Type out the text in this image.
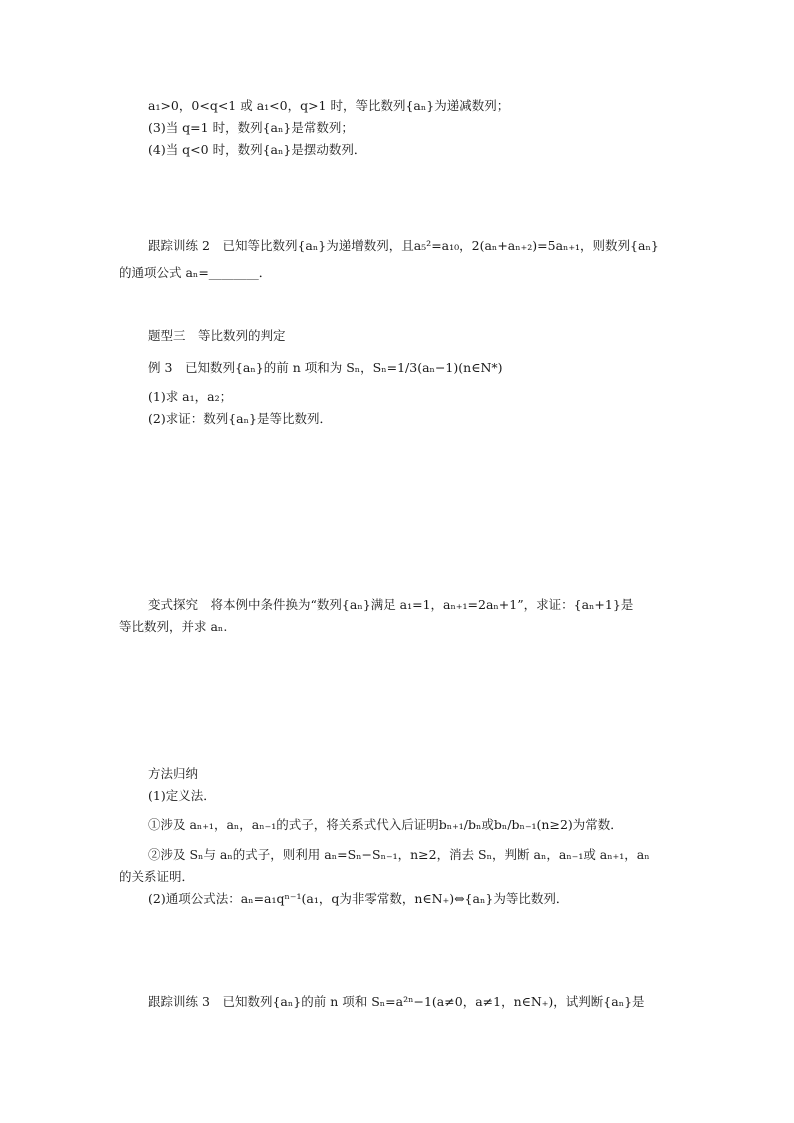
a₁>0，0<q<1 或 a₁<0，q>1 时，等比数列{aₙ}为递减数列；
(3)当 q=1 时，数列{aₙ}是常数列；
(4)当 q<0 时，数列{aₙ}是摆动数列．
跟踪训练 2　 已知等比数列{aₙ}为递增数列，且a₅²=a₁₀，2(aₙ+aₙ₊₂)=5aₙ₊₁，则数列{aₙ}
的通项公式 aₙ=________．
题型三　等比数列的判定
例 3　 已知数列{aₙ}的前 n 项和为 Sₙ，Sₙ=1/3(aₙ−1)(n∈N*)
(1)求 a₁，a₂；
(2)求证：数列{aₙ}是等比数列．
变式探究　 将本例中条件换为“数列{aₙ}满足 a₁=1，aₙ₊₁=2aₙ+1”，求证：{aₙ+1}是
等比数列，并求 aₙ.
方法归纳
(1)定义法．
①涉及 aₙ₊₁，aₙ，aₙ₋₁的式子，将关系式代入后证明bₙ₊₁/bₙ或bₙ/bₙ₋₁(n≥2)为常数．
②涉及 Sₙ与 aₙ的式子，则利用 aₙ=Sₙ−Sₙ₋₁，n≥2，消去 Sₙ，判断 aₙ，aₙ₋₁或 aₙ₊₁，aₙ
的关系证明．
(2)通项公式法：aₙ=a₁qⁿ⁻¹(a₁，q为非零常数，n∈N₊)⇔{aₙ}为等比数列．
跟踪训练 3　 已知数列{aₙ}的前 n 项和 Sₙ=a²ⁿ−1(a≠0，a≠1，n∈N₊)，试判断{aₙ}是
